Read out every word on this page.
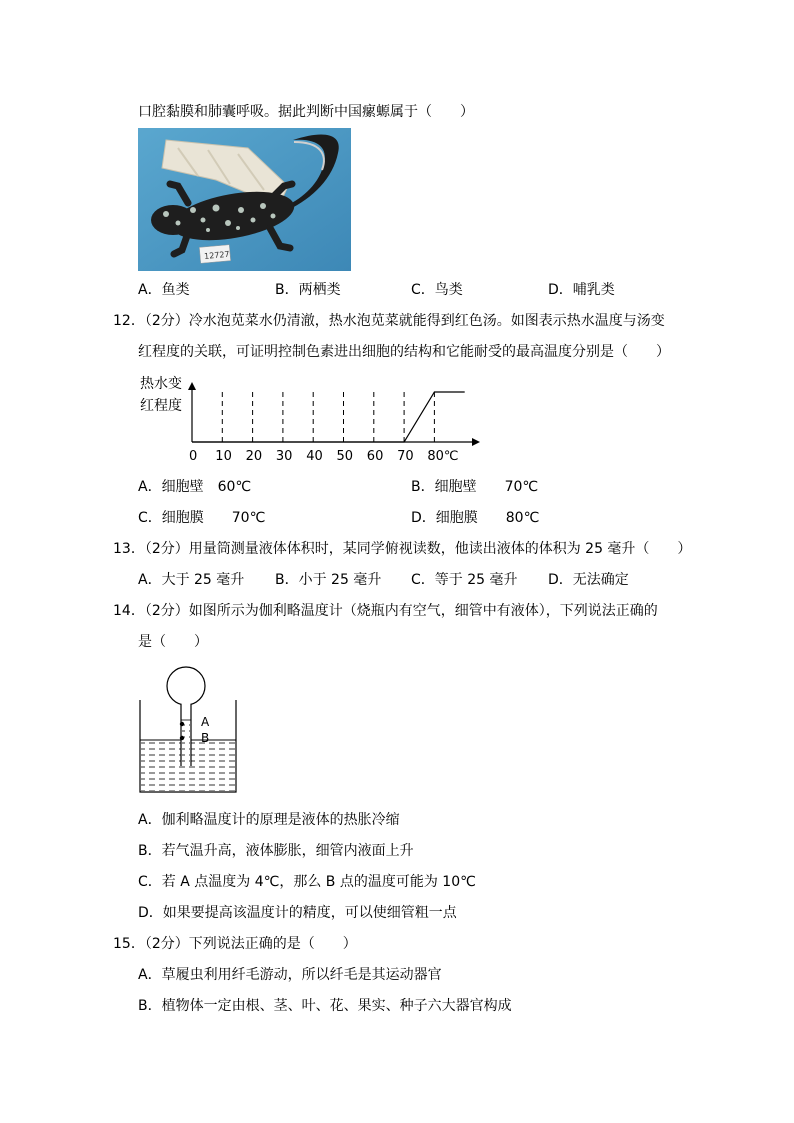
口腔黏膜和肺囊呼吸。据此判断中国瘰螈属于（　　）
12727
A．鱼类	B．两栖类	C．鸟类	D．哺乳类
12．（2分）冷水泡苋菜水仍清澈，热水泡苋菜就能得到红色汤。如图表示热水温度与汤变
红程度的关联，可证明控制色素进出细胞的结构和它能耐受的最高温度分别是（　　）
热水变
红程度
0 10 20 30 40 50 60 70 80℃
A．细胞壁　60℃	B．细胞壁　　70℃
C．细胞膜　　70℃	D．细胞膜　　80℃
13．（2分）用量筒测量液体体积时，某同学俯视读数，他读出液体的体积为 25 毫升（　　）
A．大于 25 毫升 B．小于 25 毫升 C．等于 25 毫升 D．无法确定
14．（2分）如图所示为伽利略温度计（烧瓶内有空气，细管中有液体），下列说法正确的
是（　　）
A
B
A．伽利略温度计的原理是液体的热胀冷缩
B．若气温升高，液体膨胀，细管内液面上升
C．若 A 点温度为 4℃，那么 B 点的温度可能为 10℃
D．如果要提高该温度计的精度，可以使细管粗一点
15．（2分）下列说法正确的是（　　）
A．草履虫利用纤毛游动，所以纤毛是其运动器官
B．植物体一定由根、茎、叶、花、果实、种子六大器官构成
